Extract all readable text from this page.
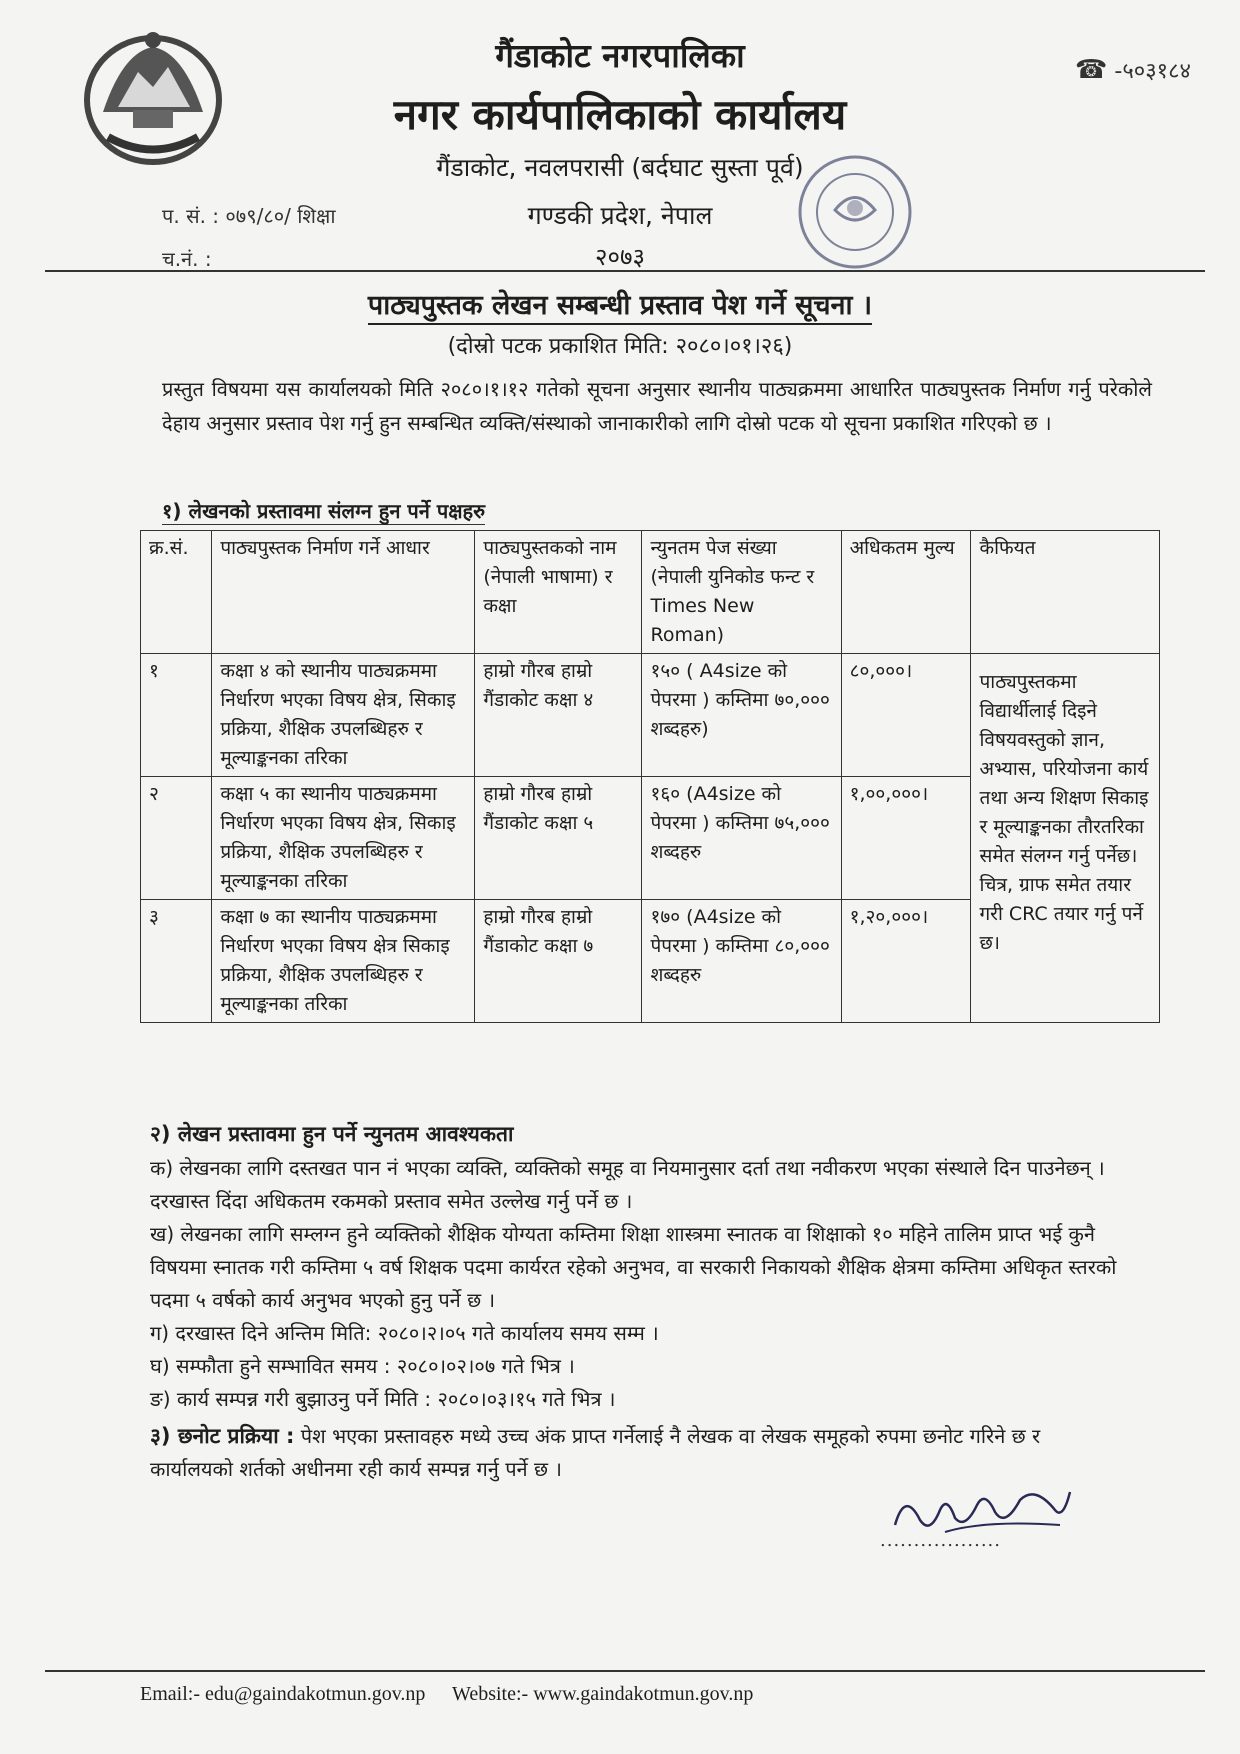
गैंडाकोट नगरपालिका
नगर कार्यपालिकाको कार्यालय
गैंडाकोट, नवलपरासी (बर्दघाट सुस्ता पूर्व)
गण्डकी प्रदेश, नेपाल
२०७३
☎ -५०३१८४
प. सं. : ०७९/८०/ शिक्षा
च.नं. :
पाठ्यपुस्तक लेखन सम्बन्धी प्रस्ताव पेश गर्ने सूचना ।
(दोस्रो पटक प्रकाशित मिति: २०८०।०१।२६)
प्रस्तुत विषयमा यस कार्यालयको मिति २०८०।१।१२ गतेको सूचना अनुसार स्थानीय पाठ्यक्रममा आधारित पाठ्यपुस्तक निर्माण गर्नु परेकोले देहाय अनुसार प्रस्ताव पेश गर्नु हुन सम्बन्धित व्यक्ति/संस्थाको जानाकारीको लागि दोस्रो पटक यो सूचना प्रकाशित गरिएको छ ।
१) लेखनको प्रस्तावमा संलग्न हुन पर्ने पक्षहरु
क्र.सं.	पाठ्यपुस्तक निर्माण गर्ने आधार	पाठ्यपुस्तकको नाम (नेपाली भाषामा) र कक्षा	न्युनतम पेज संख्या (नेपाली युनिकोड फन्ट र Times New Roman)	अधिकतम मुल्य	कैफियत
१	कक्षा ४ को स्थानीय पाठ्यक्रममा निर्धारण भएका विषय क्षेत्र, सिकाइ प्रक्रिया, शैक्षिक उपलब्धिहरु र मूल्याङ्कनका तरिका	हाम्रो गौरब हाम्रो गैंडाकोट कक्षा ४	१५० ( A4size को पेपरमा ) कम्तिमा ७०,००० शब्दहरु)	८०,०००।	पाठ्यपुस्तकमा विद्यार्थीलाई दिइने विषयवस्तुको ज्ञान, अभ्यास, परियोजना कार्य तथा अन्य शिक्षण सिकाइ र मूल्याङ्कनका तौरतरिका समेत संलग्न गर्नु पर्नेछ। चित्र, ग्राफ समेत तयार गरी CRC तयार गर्नु पर्ने छ।
२	कक्षा ५ का स्थानीय पाठ्यक्रममा निर्धारण भएका विषय क्षेत्र, सिकाइ प्रक्रिया, शैक्षिक उपलब्धिहरु र मूल्याङ्कनका तरिका	हाम्रो गौरब हाम्रो गैंडाकोट कक्षा ५	१६० (A4size को पेपरमा ) कम्तिमा ७५,००० शब्दहरु	१,००,०००।	
३	कक्षा ७ का स्थानीय पाठ्यक्रममा निर्धारण भएका विषय क्षेत्र सिकाइ प्रक्रिया, शैक्षिक उपलब्धिहरु र मूल्याङ्कनका तरिका	हाम्रो गौरब हाम्रो गैंडाकोट कक्षा ७	१७० (A4size को पेपरमा ) कम्तिमा ८०,००० शब्दहरु	१,२०,०००।	
२) लेखन प्रस्तावमा हुन पर्ने न्युनतम आवश्यकता

क) लेखनका लागि दस्तखत पान नं भएका व्यक्ति, व्यक्तिको समूह वा नियमानुसार दर्ता तथा नवीकरण भएका संस्थाले दिन पाउनेछन् । दरखास्त दिंदा अधिकतम रकमको प्रस्ताव समेत उल्लेख गर्नु पर्ने छ ।

ख) लेखनका लागि सम्लग्न हुने व्यक्तिको शैक्षिक योग्यता कम्तिमा शिक्षा शास्त्रमा स्नातक वा शिक्षाको १० महिने तालिम प्राप्त भई कुनै विषयमा स्नातक गरी कम्तिमा ५ वर्ष शिक्षक पदमा कार्यरत रहेको अनुभव, वा सरकारी निकायको शैक्षिक क्षेत्रमा कम्तिमा अधिकृत स्तरको पदमा ५ वर्षको कार्य अनुभव भएको हुनु पर्ने छ ।

ग) दरखास्त दिने अन्तिम मिति: २०८०।२।०५ गते कार्यालय समय सम्म ।

घ) सम्फौता हुने सम्भावित समय : २०८०।०२।०७ गते भित्र ।

ङ) कार्य सम्पन्न गरी बुझाउनु पर्ने मिति : २०८०।०३।१५ गते भित्र ।

३) छनोट प्रक्रिया : पेश भएका प्रस्तावहरु मध्ये उच्च अंक प्राप्त गर्नेलाई नै लेखक वा लेखक समूहको रुपमा छनोट गरिने छ र कार्यालयको शर्तको अधीनमा रही कार्य सम्पन्न गर्नु पर्ने छ ।
..................
Email:- edu@gaindakotmun.gov.np Website:- www.gaindakotmun.gov.np
